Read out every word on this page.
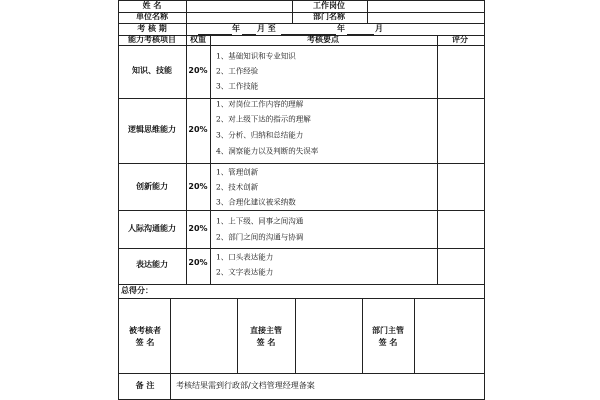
姓 名	工作岗位
单位名称	部门名称
考 核 期	年 月 至	年	月
能力考核项目 权重	考核要点	评分
知识、技能 20%
1、基础知识和专业知识
2、工作经验
3、工作技能
逻辑思维能力 20%
1、对岗位工作内容的理解
2、对上级下达的指示的理解
3、分析、归纳和总结能力
4、洞察能力以及判断的失误率
创新能力	20%
1、管理创新
2、技术创新
3、合理化建议被采纳数
人际沟通能力 20%
1、上下级、同事之间沟通
2、部门之间的沟通与协调
表达能力	20%
1、口头表达能力
2、文字表达能力
总得分：
被考核者
签 名
直接主管
签 名
部门主管
签 名
备 注	考核结果需到行政部/文档管理经理备案
